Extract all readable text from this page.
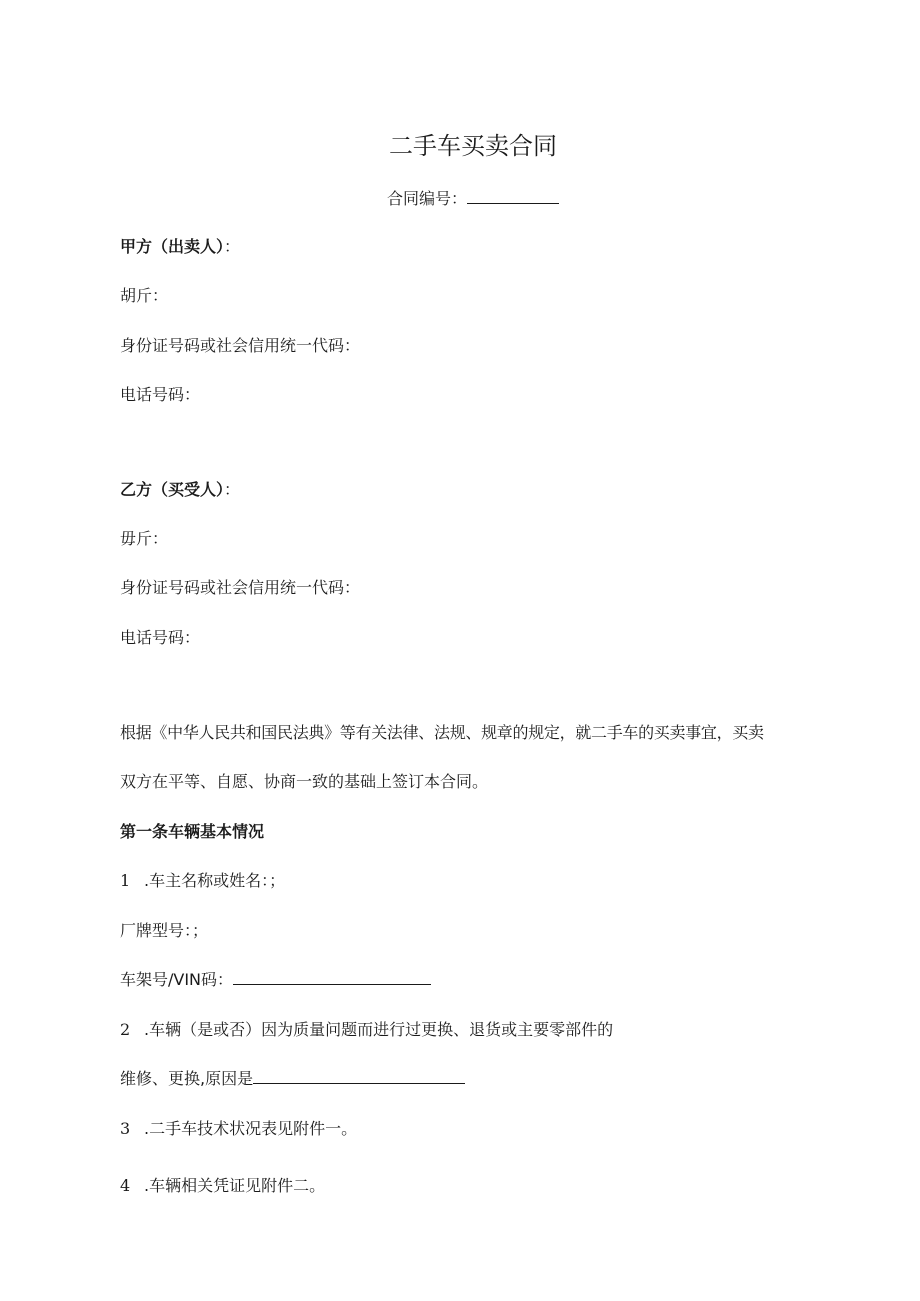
二手车买卖合同
合同编号：
甲方（出卖人）：
胡斤：
身份证号码或社会信用统一代码：
电话号码：
乙方（买受人）：
毋斤：
身份证号码或社会信用统一代码：
电话号码：
根据《中华人民共和国民法典》等有关法律、法规、规章的规定，就二手车的买卖事宜，买卖
双方在平等、自愿、协商一致的基础上签订本合同。
第一条车辆基本情况
1 .车主名称或姓名：；
厂牌型号：；
车架号/VIN码：
2 .车辆（是或否）因为质量问题而进行过更换、退货或主要零部件的
维修、更换,原因是
3 .二手车技术状况表见附件一。
4 .车辆相关凭证见附件二。
